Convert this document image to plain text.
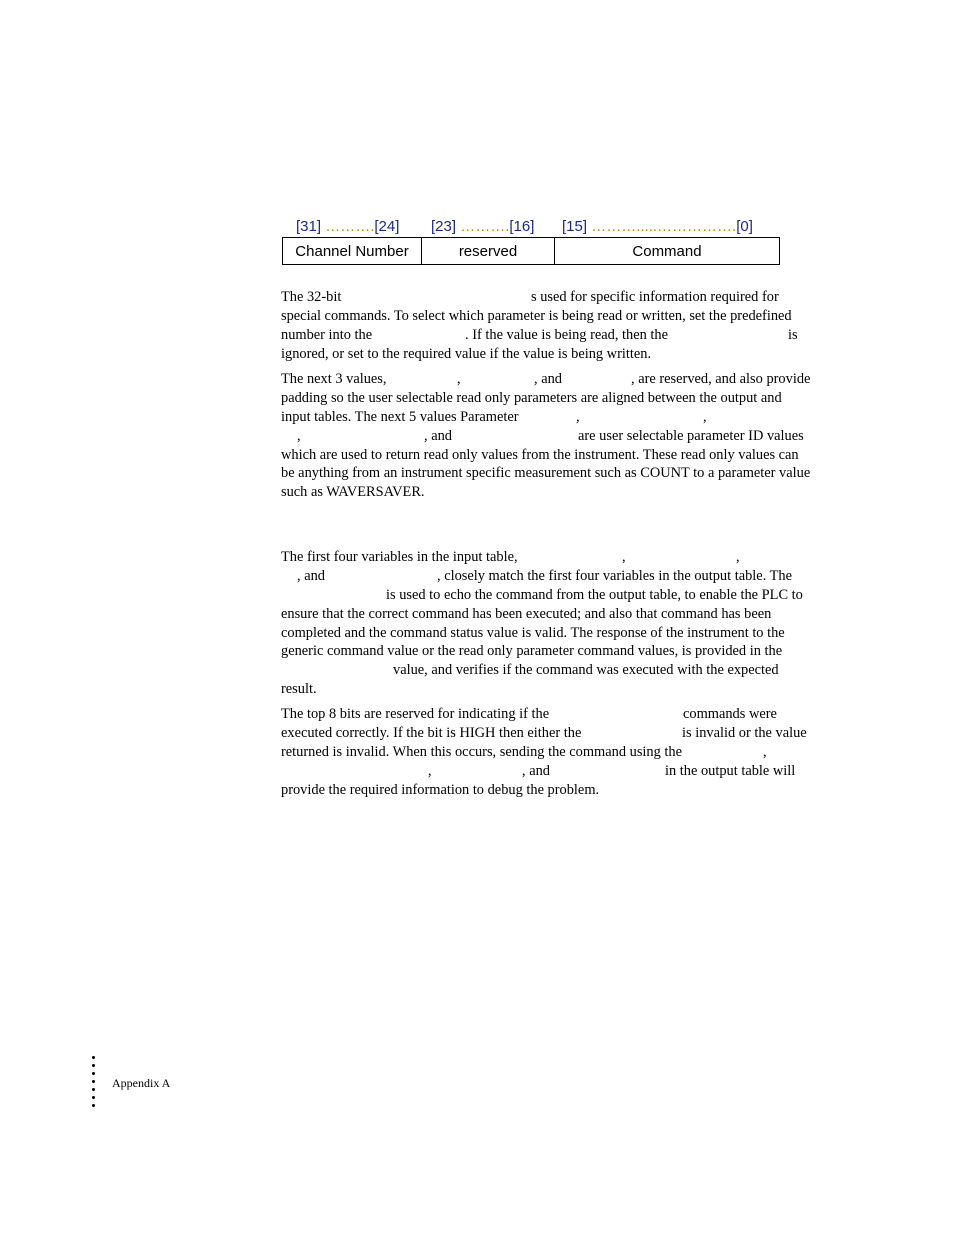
[31] ……….[24] [23] ……….[16] [15] ……….....…………….[0]
Channel Number	reserved	Command
The 32-bit	s used for specific information required for
special commands. To select which parameter is being read or written, set the predefined
number into the	. If the value is being read, then the	is
ignored, or set to the required value if the value is being written.
The next 3 values,	,	, and	, are reserved, and also provide
padding so the user selectable read only parameters are aligned between the output and
input tables. The next 5 values Parameter	,	,
,	, and	are user selectable parameter ID values
which are used to return read only values from the instrument. These read only values can
be anything from an instrument specific measurement such as COUNT to a parameter value
such as WAVERSAVER.
The first four variables in the input table,	,	,
, and	, closely match the first four variables in the output table. The
is used to echo the command from the output table, to enable the PLC to
ensure that the correct command has been executed; and also that command has been
completed and the command status value is valid. The response of the instrument to the
generic command value or the read only parameter command values, is provided in the
value, and verifies if the command was executed with the expected
result.
The top 8 bits are reserved for indicating if the	commands were
executed correctly. If the bit is HIGH then either the	is invalid or the value
returned is invalid. When this occurs, sending the command using the	,
,	, and	in the output table will
provide the required information to debug the problem.
Appendix A
